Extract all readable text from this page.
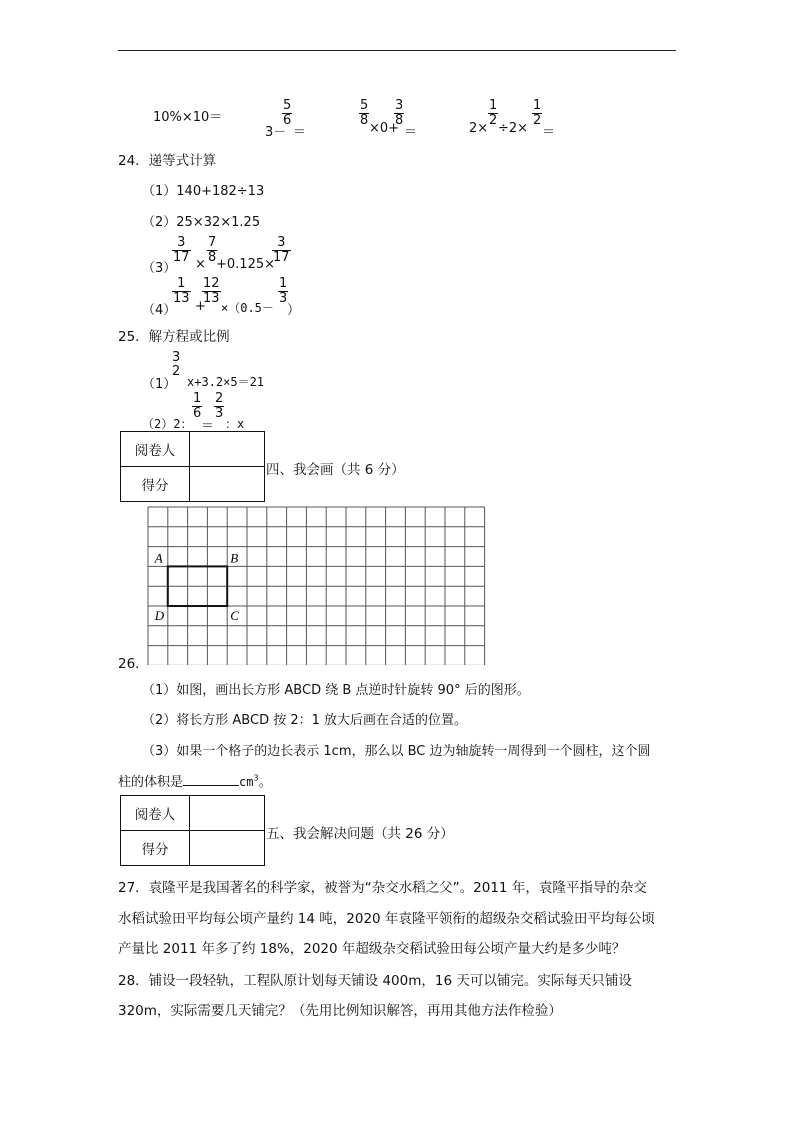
10%×10＝
3－
$\frac{5}{6}$
＝
$\frac{5}{8}$
×0+
$\frac{3}{8}$
＝	2×
$\frac{1}{2}$
÷2×
$\frac{1}{2}$
＝
24．递等式计算
（1）140+182÷13
（2）25×32×1.25
（3）
$\frac{3}{17} \times \frac{7}{8}$
+0.125×
$\frac{3}{17}$
（4）
$\frac{1}{13}$
+
$\frac{12}{13}$
×（0.5－
$\frac{1}{3}$
）
25．解方程或比例
（1）
3
2
x+3.2×5＝21
（2）2：
$\frac{1}{6}$
＝
$\frac{2}{3}$
：x
阅卷人	
得分	
四、我会画（共 6 分）
A	B
C
D
26．
（1）如图，画出长方形 ABCD 绕 B 点逆时针旋转 90° 后的图形。
（2）将长方形 ABCD 按 2：1 放大后画在合适的位置。
（3）如果一个格子的边长表示 1cm，那么以 BC 边为轴旋转一周得到一个圆柱，这个圆
柱的体积是	$cm^3$。
阅卷人	
得分	
五、我会解决问题（共 26 分）
27．袁隆平是我国著名的科学家，被誉为“杂交水稻之父”。2011 年，袁隆平指导的杂交
水稻试验田平均每公顷产量约 14 吨，2020 年袁隆平领衔的超级杂交稻试验田平均每公顷
产量比 2011 年多了约 18%，2020 年超级杂交稻试验田每公顷产量大约是多少吨？
28．铺设一段轻轨，工程队原计划每天铺设 400m，16 天可以铺完。实际每天只铺设
320m，实际需要几天铺完？（先用比例知识解答，再用其他方法作检验）
